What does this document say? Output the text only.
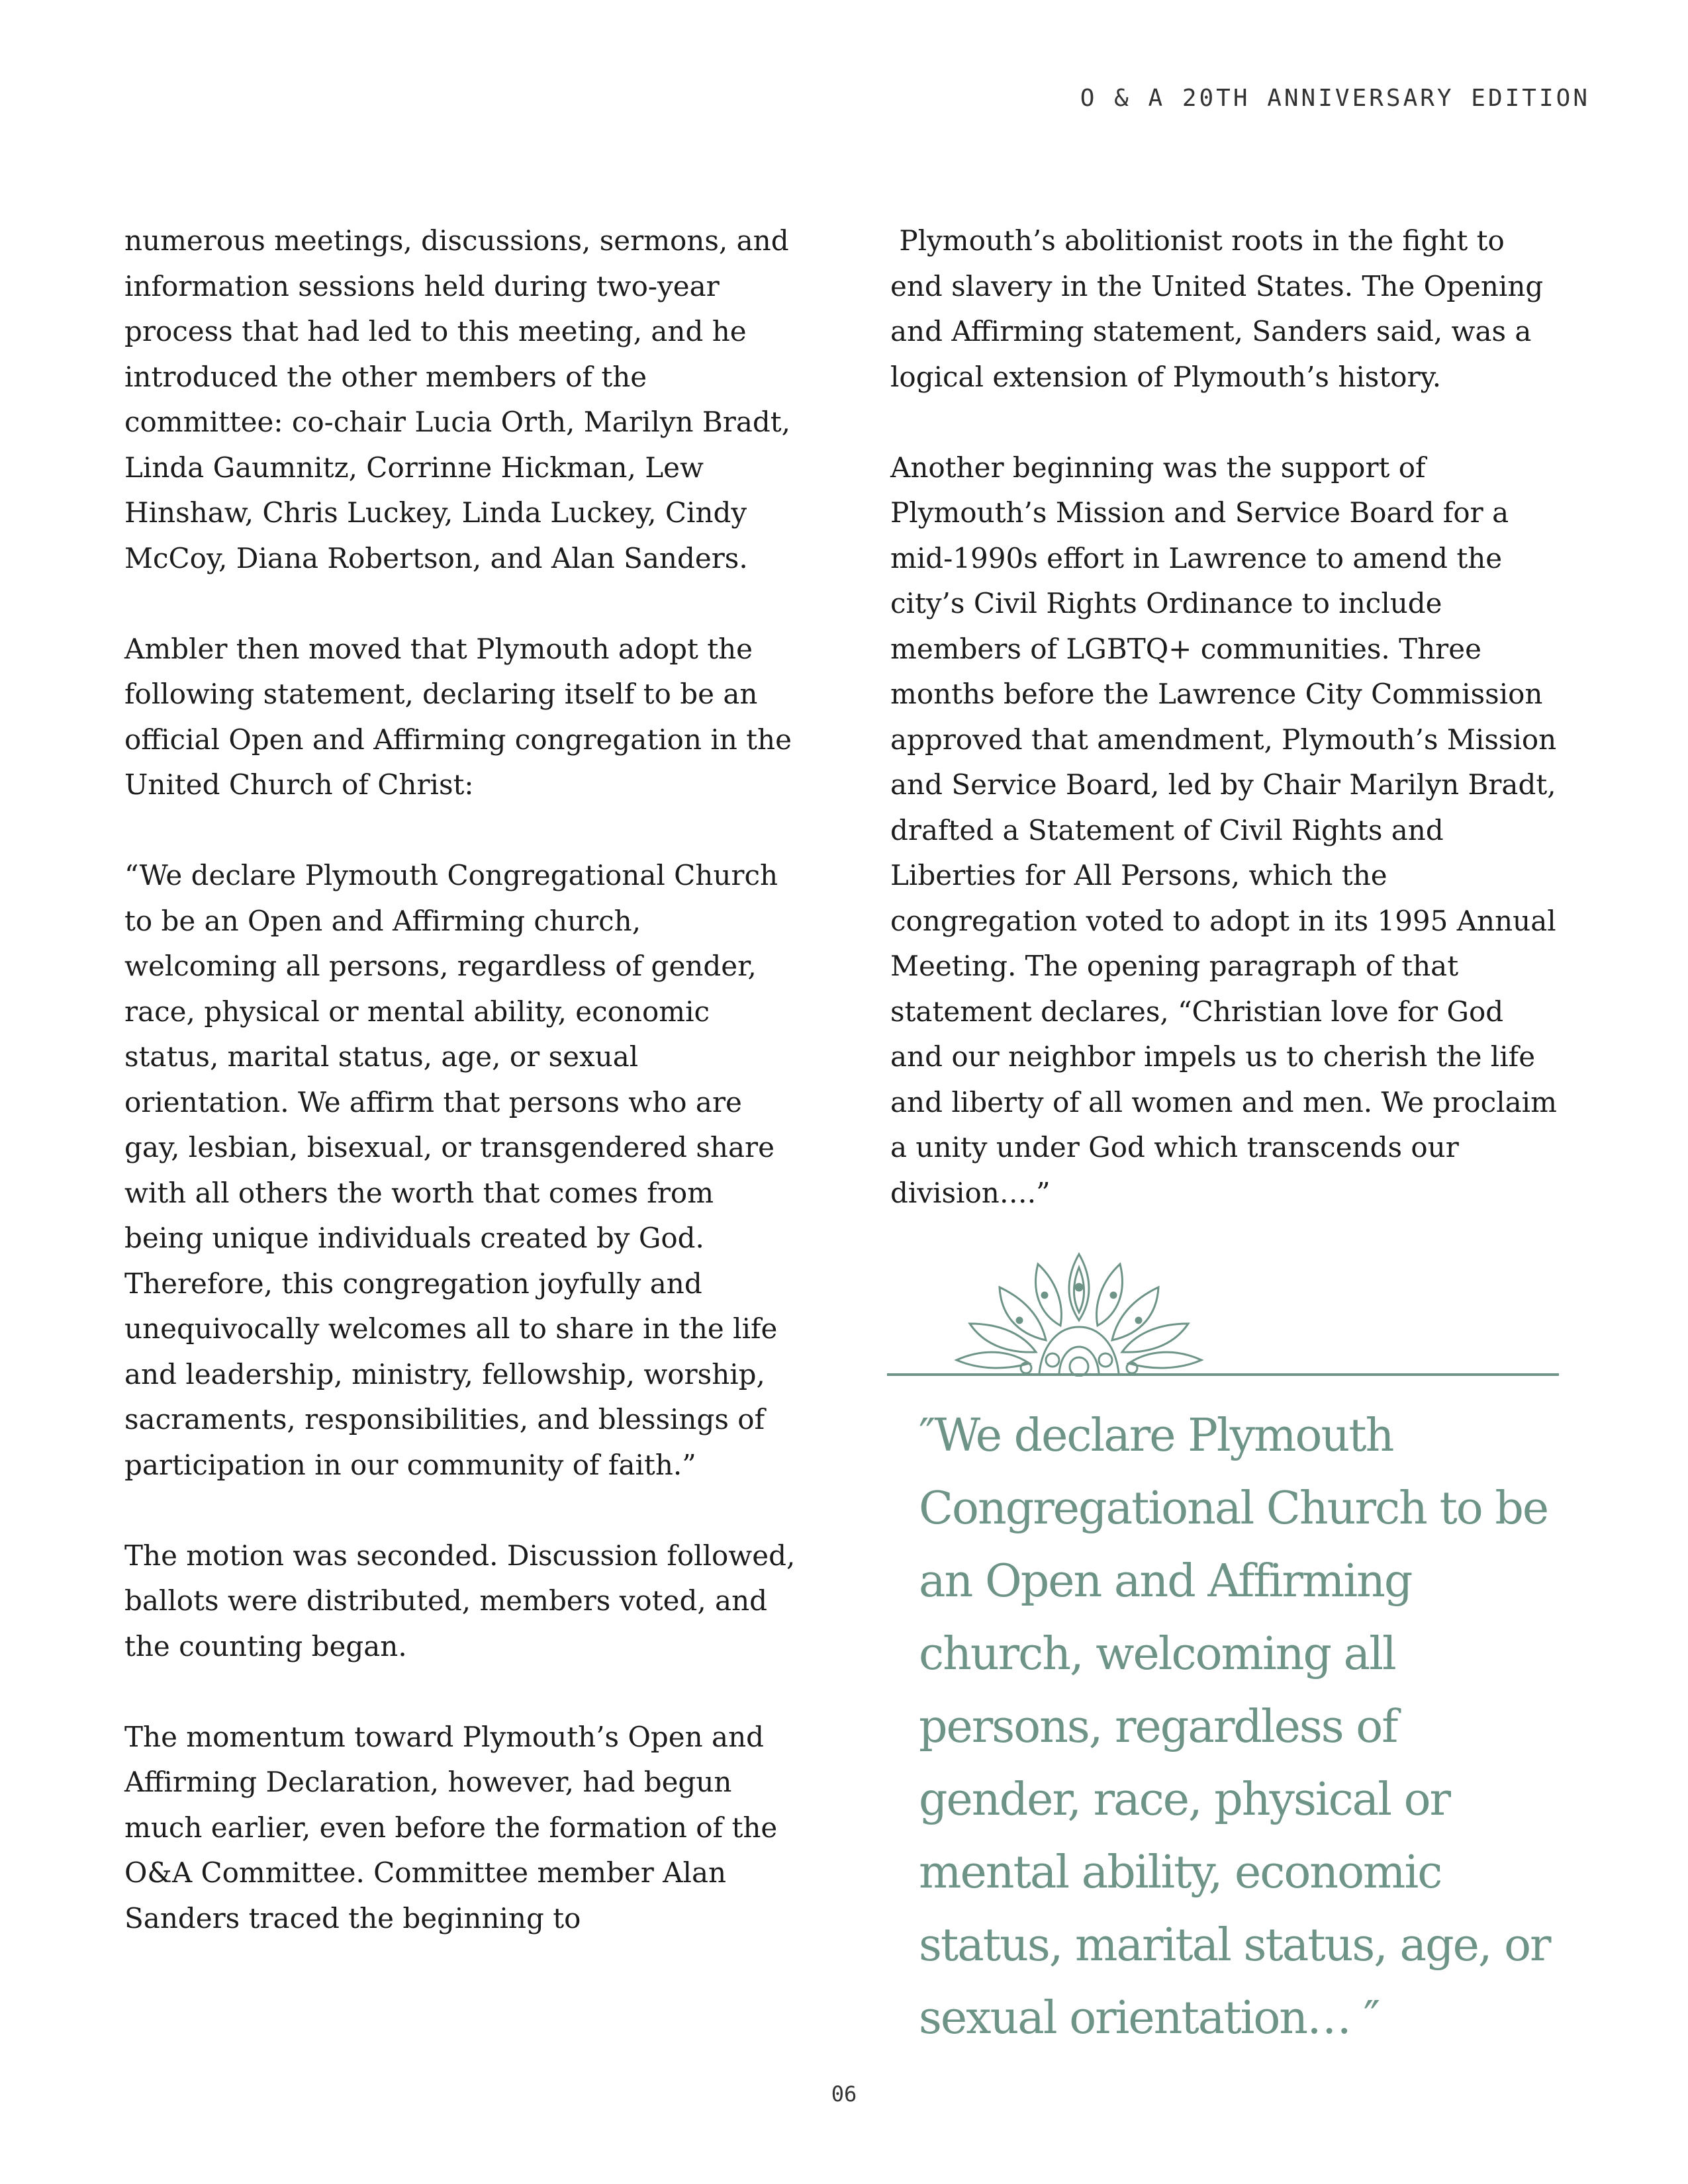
O & A 20TH ANNIVERSARY EDITION

numerous meetings, discussions, sermons, and information sessions held during two-year process that had led to this meeting, and he introduced the other members of the committee: co-chair Lucia Orth, Marilyn Bradt, Linda Gaumnitz, Corrinne Hickman, Lew Hinshaw, Chris Luckey, Linda Luckey, Cindy McCoy, Diana Robertson, and Alan Sanders.

Ambler then moved that Plymouth adopt the following statement, declaring itself to be an official Open and Affirming congregation in the United Church of Christ:

“We declare Plymouth Congregational Church to be an Open and Affirming church, welcoming all persons, regardless of gender, race, physical or mental ability, economic status, marital status, age, or sexual orientation. We affirm that persons who are gay, lesbian, bisexual, or transgendered share with all others the worth that comes from being unique individuals created by God. Therefore, this congregation joyfully and unequivocally welcomes all to share in the life and leadership, ministry, fellowship, worship, sacraments, responsibilities, and blessings of participation in our community of faith.”

The motion was seconded. Discussion followed, ballots were distributed, members voted, and the counting began.

The momentum toward Plymouth’s Open and Affirming Declaration, however, had begun much earlier, even before the formation of the O&A Committee. Committee member Alan Sanders traced the beginning to

Plymouth’s abolitionist roots in the fight to end slavery in the United States. The Opening and Affirming statement, Sanders said, was a logical extension of Plymouth’s history.

Another beginning was the support of Plymouth’s Mission and Service Board for a mid-1990s effort in Lawrence to amend the city’s Civil Rights Ordinance to include members of LGBTQ+ communities. Three months before the Lawrence City Commission approved that amendment, Plymouth’s Mission and Service Board, led by Chair Marilyn Bradt, drafted a Statement of Civil Rights and Liberties for All Persons, which the congregation voted to adopt in its 1995 Annual Meeting. The opening paragraph of that statement declares, “Christian love for God and our neighbor impels us to cherish the life and liberty of all women and men. We proclaim a unity under God which transcends our division….”

″We declare Plymouth Congregational Church to be an Open and Affirming church, welcoming all persons, regardless of gender, race, physical or mental ability, economic status, marital status, age, or sexual orientation… ″
06
